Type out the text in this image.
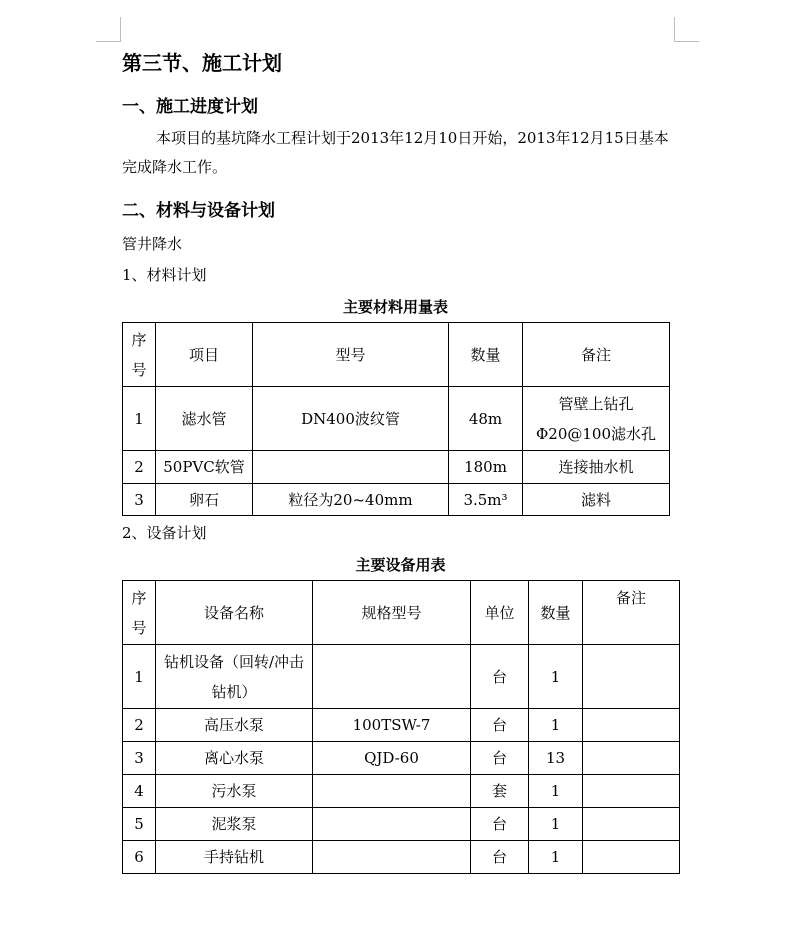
第三节、施工计划
一、施工进度计划
本项目的基坑降水工程计划于2013年12月10日开始，2013年12月15日基本完成降水工作。
二、材料与设备计划
管井降水
1、材料计划
主要材料用量表
序号	项目	型号	数量	备注
1	滤水管	DN400波纹管	48m	管壁上钻孔Φ20@100滤水孔
2	50PVC软管		180m	连接抽水机
3	卵石	粒径为20~40mm	3.5m³	滤料
2、设备计划
主要设备用表
序号	设备名称	规格型号	单位	数量	备注
1	钻机设备（回转/冲击钻机）		台	1	
2	高压水泵	100TSW-7	台	1	
3	离心水泵	QJD-60	台	13	
4	污水泵		套	1	
5	泥浆泵		台	1	
6	手持钻机		台	1	
